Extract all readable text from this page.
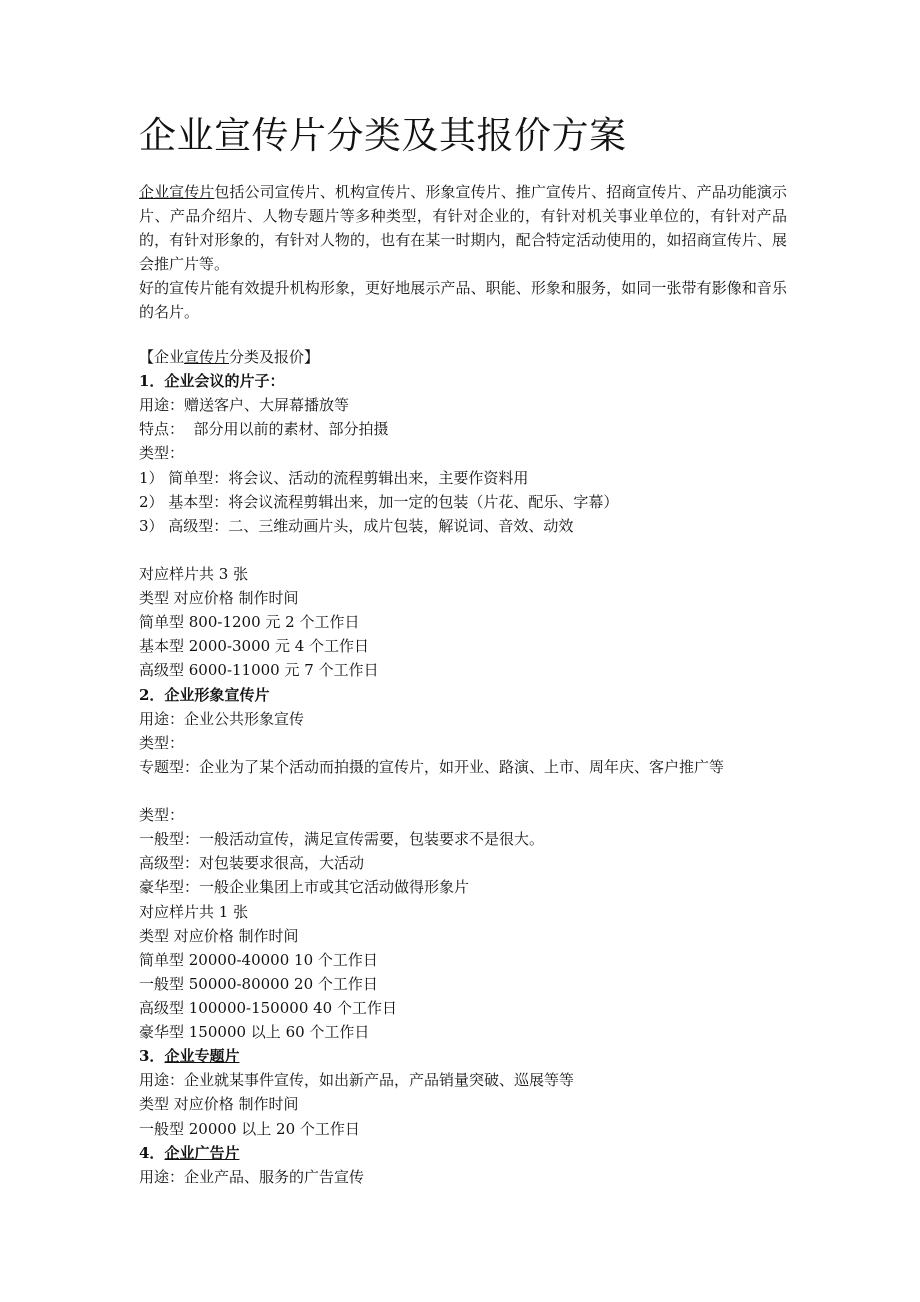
企业宣传片分类及其报价方案

企业宣传片包括公司宣传片、机构宣传片、形象宣传片、推广宣传片、招商宣传片、产品功能演示片、产品介绍片、人物专题片等多种类型，有针对企业的，有针对机关事业单位的，有针对产品的，有针对形象的，有针对人物的，也有在某一时期内，配合特定活动使用的，如招商宣传片、展会推广片等。

好的宣传片能有效提升机构形象，更好地展示产品、职能、形象和服务，如同一张带有影像和音乐的名片。

【企业宣传片分类及报价】
1．企业会议的片子：
用途：赠送客户、大屏幕播放等
特点：  部分用以前的素材、部分拍摄
类型：
1） 简单型：将会议、活动的流程剪辑出来，主要作资料用
2） 基本型：将会议流程剪辑出来，加一定的包装（片花、配乐、字幕）
3） 高级型：二、三维动画片头，成片包装，解说词、音效、动效
对应样片共 3 张
类型 对应价格 制作时间
简单型 800-1200 元 2 个工作日
基本型 2000-3000 元 4 个工作日
高级型 6000-11000 元 7 个工作日
2．企业形象宣传片
用途：企业公共形象宣传
类型：
专题型：企业为了某个活动而拍摄的宣传片，如开业、路演、上市、周年庆、客户推广等
类型：
一般型：一般活动宣传，满足宣传需要，包装要求不是很大。
高级型：对包装要求很高，大活动
豪华型：一般企业集团上市或其它活动做得形象片
对应样片共 1 张
类型 对应价格 制作时间
简单型 20000-40000 10 个工作日
一般型 50000-80000 20 个工作日
高级型 100000-150000 40 个工作日
豪华型 150000 以上 60 个工作日
3．企业专题片
用途：企业就某事件宣传，如出新产品，产品销量突破、巡展等等
类型 对应价格 制作时间
一般型 20000 以上 20 个工作日
4．企业广告片
用途：企业产品、服务的广告宣传
